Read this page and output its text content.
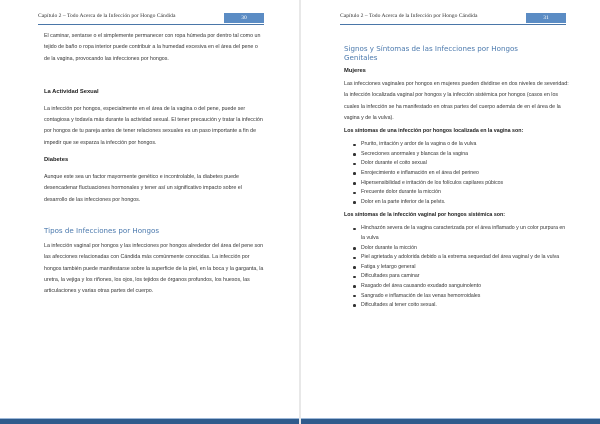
Capítulo 2 – Todo Acerca de la Infección por Hongo Cándida	30

El caminar, sentarse o el simplemente permanecer con ropa húmeda por dentro tal como un tejido de baño o ropa interior puede contribuir a la humedad excesiva en el área del pene o de la vagina, provocando las infecciones por hongos.

La Actividad Sexual

La infección por hongos, especialmente en el área de la vagina o del pene, puede ser contagiosa y todavía más durante la actividad sexual. El tener precaución y tratar la infección por hongos de tu pareja antes de tener relaciones sexuales es un paso importante a fin de impedir que se esparza la infección por hongos.

Diabetes

Aunque este sea un factor mayormente genético e incontrolable, la diabetes puede desencadenar fluctuaciones hormonales y tener así un significativo impacto sobre el desarrollo de las infecciones por hongos.

Tipos de Infecciones por Hongos

La infección vaginal por hongos y las infecciones por hongos alrededor del área del pene son las afecciones relacionadas con Cándida más comúnmente conocidas. La infección por hongos también puede manifestarse sobre la superficie de la piel, en la boca y la garganta, la uretra, la vejiga y los riñones, los ojos, los tejidos de órganos profundos, los huesos, las articulaciones y varias otras partes del cuerpo.

Capítulo 2 – Todo Acerca de la Infección por Hongo Cándida	31

Signos y Síntomas de las Infecciones por Hongos

Genitales

Mujeres

Las infecciones vaginales por hongos en mujeres pueden dividirse en dos niveles de severidad: la infección localizada vaginal por hongos y la infección sistémica por hongos (casos en los cuales la infección se ha manifestado en otras partes del cuerpo además de en el área de la vagina y de la vulva).

Los síntomas de una infección por hongos localizada en la vagina son:

Prurito, irritación y ardor de la vagina o de la vulva
Secreciones anormales y blancas de la vagina
Dolor durante el coito sexual
Enrojecimiento e inflamación en el área del perineo
Hipersensibilidad e irritación de los folículos capilares púbicos
Frecuente dolor durante la micción
Dolor en la parte inferior de la pelvis.

Los síntomas de la infección vaginal por hongos sistémica son:

Hinchazón severa de la vagina caracterizada por el área inflamado y un color purpura en la vulva
Dolor durante la micción
Piel agrietada y adolorida debido a la extrema sequedad del área vaginal y de la vulva
Fatiga y letargo general
Dificultades para caminar
Rasgado del área causando exudado sanguinolento
Sangrado e inflamación de las venas hemorroidales
Dificultades al tener coito sexual.
